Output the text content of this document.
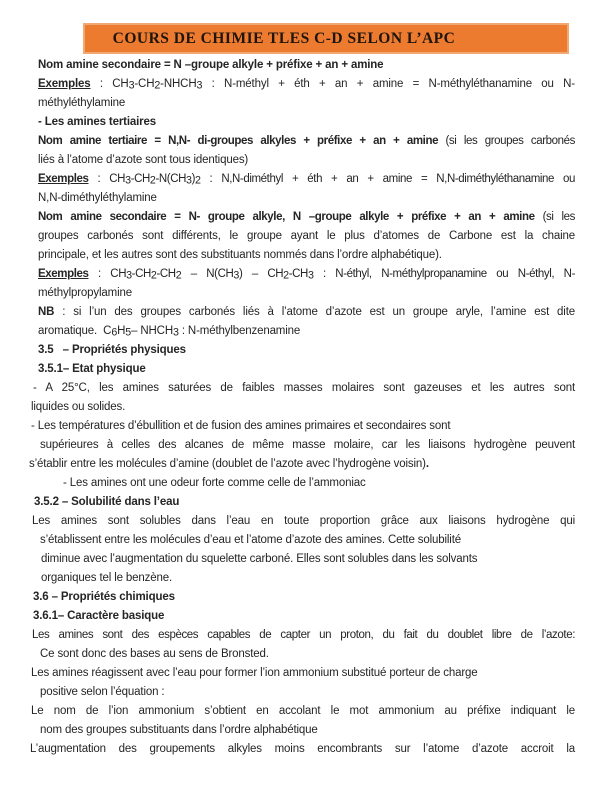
COURS DE CHIMIE TLES C-D SELON L’APC
Nom amine secondaire = N –groupe alkyle + préfixe + an + amine
Exemples : CH3-CH2-NHCH3 : N-méthyl + éth + an + amine = N-méthyléthanamine ou N-
méthyléthylamine
- Les amines tertiaires
Nom amine tertiaire = N,N- di-groupes alkyles + préfixe + an + amine (si les groupes carbonés
liés à l’atome d’azote sont tous identiques)
Exemples : CH3-CH2-N(CH3)2 : N,N-diméthyl + éth + an + amine = N,N-diméthyléthanamine ou
N,N-diméthyléthylamine
Nom amine secondaire = N- groupe alkyle, N –groupe alkyle + préfixe + an + amine (si les
groupes carbonés sont différents, le groupe ayant le plus d’atomes de Carbone est la chaine
principale, et les autres sont des substituants nommés dans l’ordre alphabétique).
Exemples : CH3-CH2-CH2 – N(CH3) – CH2-CH3 : N-éthyl, N-méthylpropanamine ou N-éthyl, N-
méthylpropylamine
NB : si l’un des groupes carbonés liés à l’atome d’azote est un groupe aryle, l’amine est dite
aromatique.  C6H5– NHCH3 : N-méthylbenzenamine
3.5   – Propriétés physiques
3.5.1– Etat physique
- A 25°C, les amines saturées de faibles masses molaires sont gazeuses et les autres sont
liquides ou solides.
- Les températures d’ébullition et de fusion des amines primaires et secondaires sont
supérieures à celles des alcanes de même masse molaire, car les liaisons hydrogène peuvent
s’établir entre les molécules d’amine (doublet de l’azote avec l’hydrogène voisin).
- Les amines ont une odeur forte comme celle de l’ammoniac
3.5.2 – Solubilité dans l’eau
Les amines sont solubles dans l’eau en toute proportion grâce aux liaisons hydrogène qui
s’établissent entre les molécules d’eau et l’atome d’azote des amines. Cette solubilité
diminue avec l’augmentation du squelette carboné. Elles sont solubles dans les solvants
organiques tel le benzène.
3.6 – Propriétés chimiques
3.6.1– Caractère basique
Les amines sont des espèces capables de capter un proton, du fait du doublet libre de l’azote:
Ce sont donc des bases au sens de Bronsted.
Les amines réagissent avec l’eau pour former l’ion ammonium substitué porteur de charge
positive selon l’équation :
Le nom de l’ion ammonium s’obtient en accolant le mot ammonium au préfixe indiquant le
nom des groupes substituants dans l’ordre alphabétique
L’augmentation des groupements alkyles moins encombrants sur l’atome d’azote accroit la
